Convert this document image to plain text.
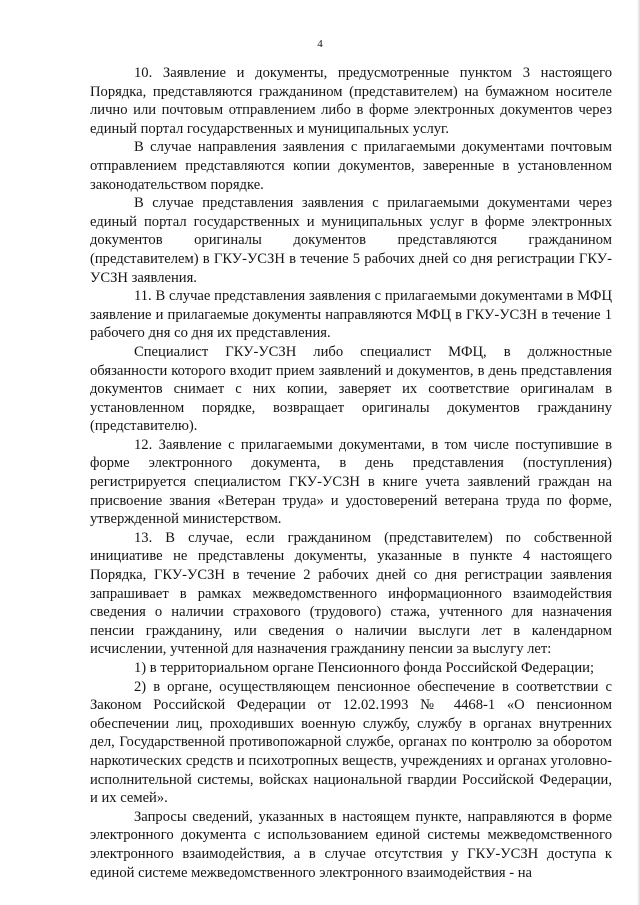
4

10. Заявление и документы, предусмотренные пунктом 3 настоящего Порядка, представляются гражданином (представителем) на бумажном носителе лично или почтовым отправлением либо в форме электронных документов через единый портал государственных и муниципальных услуг.

В случае направления заявления с прилагаемыми документами почтовым отправлением представляются копии документов, заверенные в установленном законодательством порядке.

В случае представления заявления с прилагаемыми документами через единый портал государственных и муниципальных услуг в форме электронных документов оригиналы документов представляются гражданином (представителем) в ГКУ-УСЗН в течение 5 рабочих дней со дня регистрации ГКУ-УСЗН заявления.

11. В случае представления заявления с прилагаемыми документами в МФЦ заявление и прилагаемые документы направляются МФЦ в ГКУ-УСЗН в течение 1 рабочего дня со дня их представления.

Специалист ГКУ-УСЗН либо специалист МФЦ, в должностные обязанности которого входит прием заявлений и документов, в день представления документов снимает с них копии, заверяет их соответствие оригиналам в установленном порядке, возвращает оригиналы документов гражданину (представителю).

12. Заявление с прилагаемыми документами, в том числе поступившие в форме электронного документа, в день представления (поступления) регистрируется специалистом ГКУ-УСЗН в книге учета заявлений граждан на присвоение звания «Ветеран труда» и удостоверений ветерана труда по форме, утвержденной министерством.

13. В случае, если гражданином (представителем) по собственной инициативе не представлены документы, указанные в пункте 4 настоящего Порядка, ГКУ-УСЗН в течение 2 рабочих дней со дня регистрации заявления запрашивает в рамках межведомственного информационного взаимодействия сведения о наличии страхового (трудового) стажа, учтенного для назначения пенсии гражданину, или сведения о наличии выслуги лет в календарном исчислении, учтенной для назначения гражданину пенсии за выслугу лет:

1) в территориальном органе Пенсионного фонда Российской Федерации;

2) в органе, осуществляющем пенсионное обеспечение в соответствии с Законом Российской Федерации от 12.02.1993 № 4468-1 «О пенсионном обеспечении лиц, проходивших военную службу, службу в органах внутренних дел, Государственной противопожарной службе, органах по контролю за оборотом наркотических средств и психотропных веществ, учреждениях и органах уголовно-исполнительной системы, войсках национальной гвардии Российской Федерации, и их семей».

Запросы сведений, указанных в настоящем пункте, направляются в форме электронного документа с использованием единой системы межведомственного электронного взаимодействия, а в случае отсутствия у ГКУ-УСЗН доступа к единой системе межведомственного электронного взаимодействия - на
